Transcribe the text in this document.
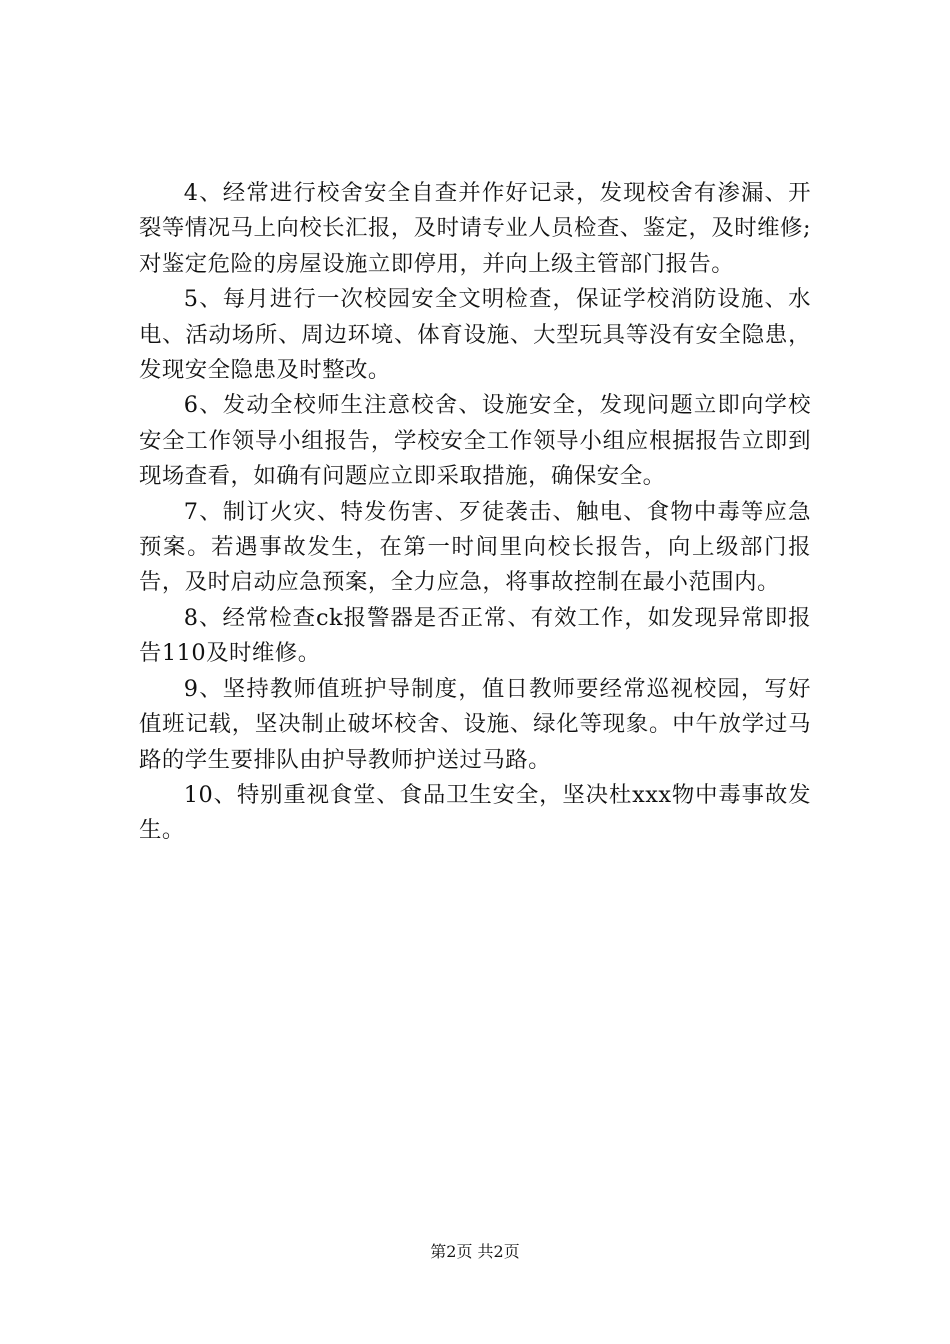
4、经常进行校舍安全自查并作好记录，发现校舍有渗漏、开裂等情况马上向校长汇报，及时请专业人员检查、鉴定，及时维修;对鉴定危险的房屋设施立即停用，并向上级主管部门报告。

5、每月进行一次校园安全文明检查，保证学校消防设施、水电、活动场所、周边环境、体育设施、大型玩具等没有安全隐患，发现安全隐患及时整改。

6、发动全校师生注意校舍、设施安全，发现问题立即向学校安全工作领导小组报告，学校安全工作领导小组应根据报告立即到现场查看，如确有问题应立即采取措施，确保安全。

7、制订火灾、特发伤害、歹徒袭击、触电、食物中毒等应急预案。若遇事故发生，在第一时间里向校长报告，向上级部门报告，及时启动应急预案，全力应急，将事故控制在最小范围内。

8、经常检查ck报警器是否正常、有效工作，如发现异常即报告110及时维修。

9、坚持教师值班护导制度，值日教师要经常巡视校园，写好值班记载，坚决制止破坏校舍、设施、绿化等现象。中午放学过马路的学生要排队由护导教师护送过马路。

10、特别重视食堂、食品卫生安全，坚决杜xxx物中毒事故发生。

第2页 共2页
